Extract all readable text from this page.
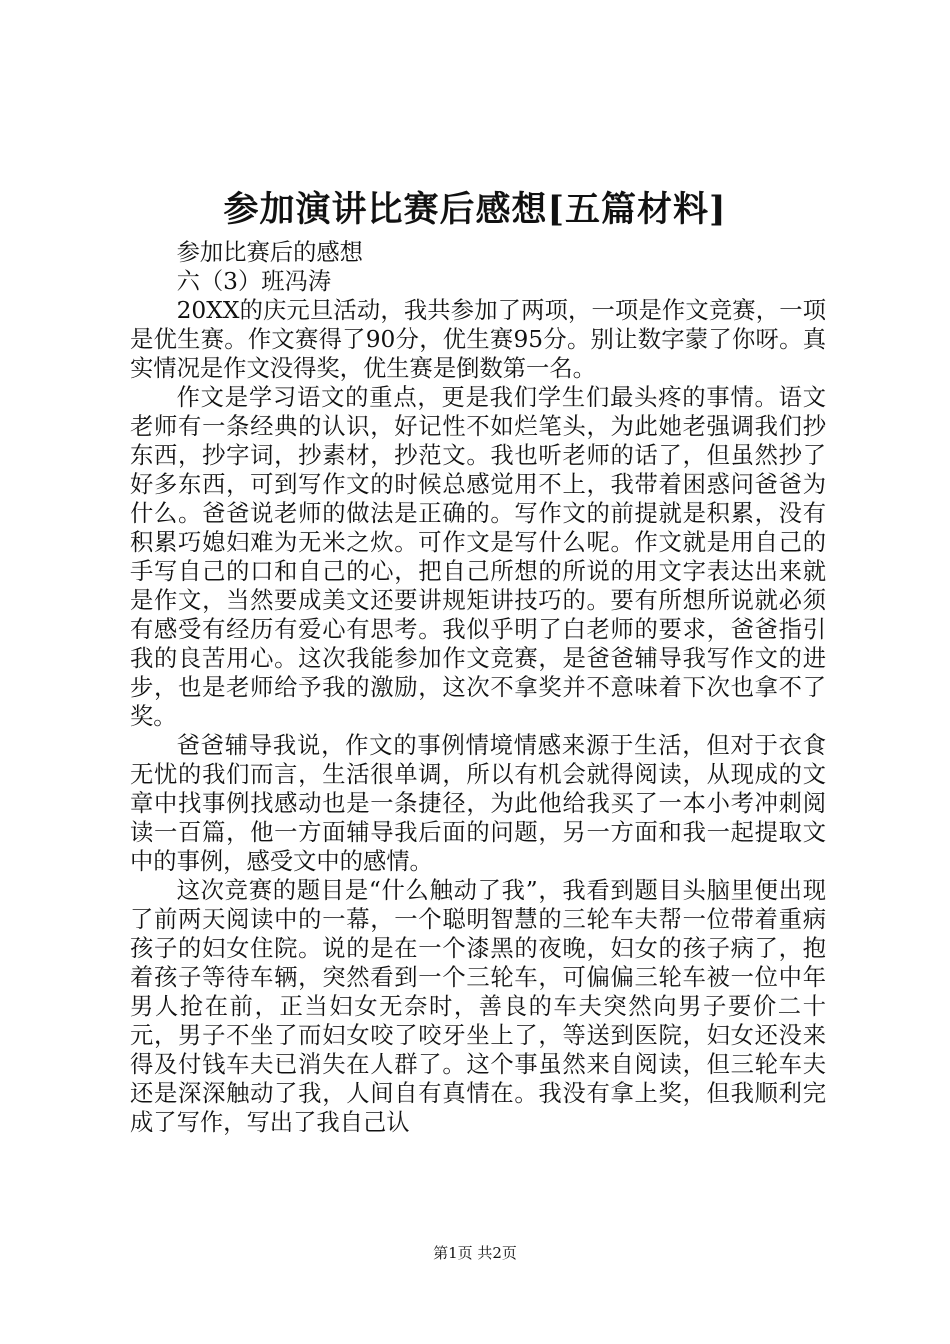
参加演讲比赛后感想[五篇材料]

参加比赛后的感想

六（3）班冯涛

20XX的庆元旦活动，我共参加了两项，一项是作文竞赛，一项是优生赛。作文赛得了90分，优生赛95分。别让数字蒙了你呀。真实情况是作文没得奖，优生赛是倒数第一名。

作文是学习语文的重点，更是我们学生们最头疼的事情。语文老师有一条经典的认识，好记性不如烂笔头，为此她老强调我们抄东西，抄字词，抄素材，抄范文。我也听老师的话了，但虽然抄了好多东西，可到写作文的时候总感觉用不上，我带着困惑问爸爸为什么。爸爸说老师的做法是正确的。写作文的前提就是积累，没有积累巧媳妇难为无米之炊。可作文是写什么呢。作文就是用自己的手写自己的口和自己的心，把自己所想的所说的用文字表达出来就是作文，当然要成美文还要讲规矩讲技巧的。要有所想所说就必须有感受有经历有爱心有思考。我似乎明了白老师的要求，爸爸指引我的良苦用心。这次我能参加作文竞赛，是爸爸辅导我写作文的进步，也是老师给予我的激励，这次不拿奖并不意味着下次也拿不了奖。

爸爸辅导我说，作文的事例情境情感来源于生活，但对于衣食无忧的我们而言，生活很单调，所以有机会就得阅读，从现成的文章中找事例找感动也是一条捷径，为此他给我买了一本小考冲刺阅读一百篇，他一方面辅导我后面的问题，另一方面和我一起提取文中的事例，感受文中的感情。

这次竞赛的题目是“什么触动了我”，我看到题目头脑里便出现了前两天阅读中的一幕，一个聪明智慧的三轮车夫帮一位带着重病孩子的妇女住院。说的是在一个漆黑的夜晚，妇女的孩子病了，抱着孩子等待车辆，突然看到一个三轮车，可偏偏三轮车被一位中年男人抢在前，正当妇女无奈时，善良的车夫突然向男子要价二十元，男子不坐了而妇女咬了咬牙坐上了，等送到医院，妇女还没来得及付钱车夫已消失在人群了。这个事虽然来自阅读，但三轮车夫还是深深触动了我，人间自有真情在。我没有拿上奖，但我顺利完成了写作，写出了我自己认

第1页 共2页
